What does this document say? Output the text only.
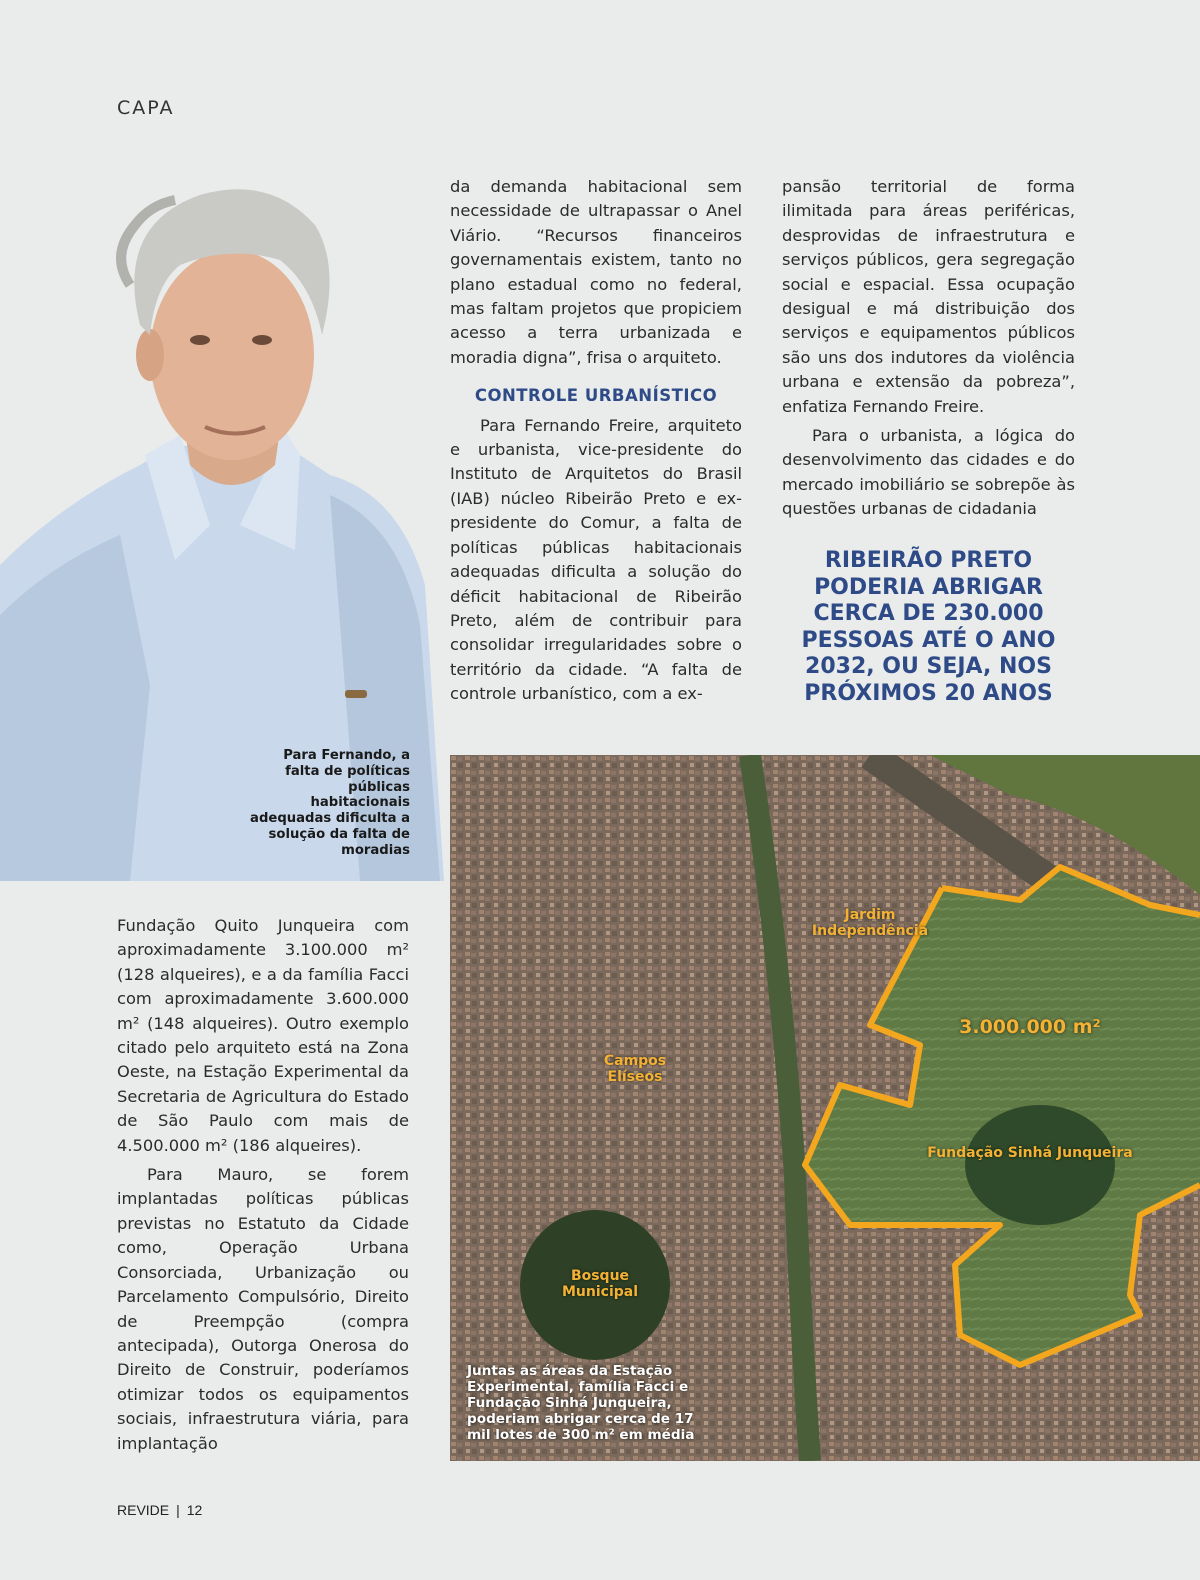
CAPA
Para Fernando, a falta de políticas públicas habitacionais adequadas dificulta a solução da falta de moradias

da demanda habitacional sem necessidade de ultrapassar o Anel Viário. “Recursos financeiros governamentais existem, tanto no plano estadual como no federal, mas faltam projetos que propiciem acesso a terra urbanizada e moradia digna”, frisa o arquiteto.

CONTROLE URBANÍSTICO

Para Fernando Freire, arquiteto e urbanista, vice-presidente do Instituto de Arquitetos do Brasil (IAB) núcleo Ribeirão Preto e ex-presidente do Comur, a falta de políticas públicas habitacionais adequadas dificulta a solução do déficit habitacional de Ribeirão Preto, além de contribuir para consolidar irregularidades sobre o território da cidade. “A falta de controle urbanístico, com a ex-

pansão territorial de forma ilimitada para áreas periféricas, desprovidas de infraestrutura e serviços públicos, gera segregação social e espacial. Essa ocupação desigual e má distribuição dos serviços e equipamentos públicos são uns dos indutores da violência urbana e extensão da pobreza”, enfatiza Fernando Freire.

Para o urbanista, a lógica do desenvolvimento das cidades e do mercado imobiliário se sobrepõe às questões urbanas de cidadania

RIBEIRÃO PRETO PODERIA ABRIGAR CERCA DE 230.000 PESSOAS ATÉ O ANO 2032, OU SEJA, NOS PRÓXIMOS 20 ANOS

Fundação Quito Junqueira com aproximadamente 3.100.000 m² (128 alqueires), e a da família Facci com aproximadamente 3.600.000 m² (148 alqueires). Outro exemplo citado pelo arquiteto está na Zona Oeste, na Estação Experimental da Secretaria de Agricultura do Estado de São Paulo com mais de 4.500.000 m² (186 alqueires).

Para Mauro, se forem implantadas políticas públicas previstas no Estatuto da Cidade como, Operação Urbana Consorciada, Urbanização ou Parcelamento Compulsório, Direito de Preempção (compra antecipada), Outorga Onerosa do Direito de Construir, poderíamos otimizar todos os equipamentos sociais, infraestrutura viária, para implantação

Jardim Independência
Campos Elíseos
Bosque Municipal
Fundação Sinhá Junqueira
3.000.000 m²
Juntas as áreas da Estação Experimental, família Facci e Fundação Sinhá Junqueira, poderiam abrigar cerca de 17 mil lotes de 300 m² em média
REVIDE | 12
